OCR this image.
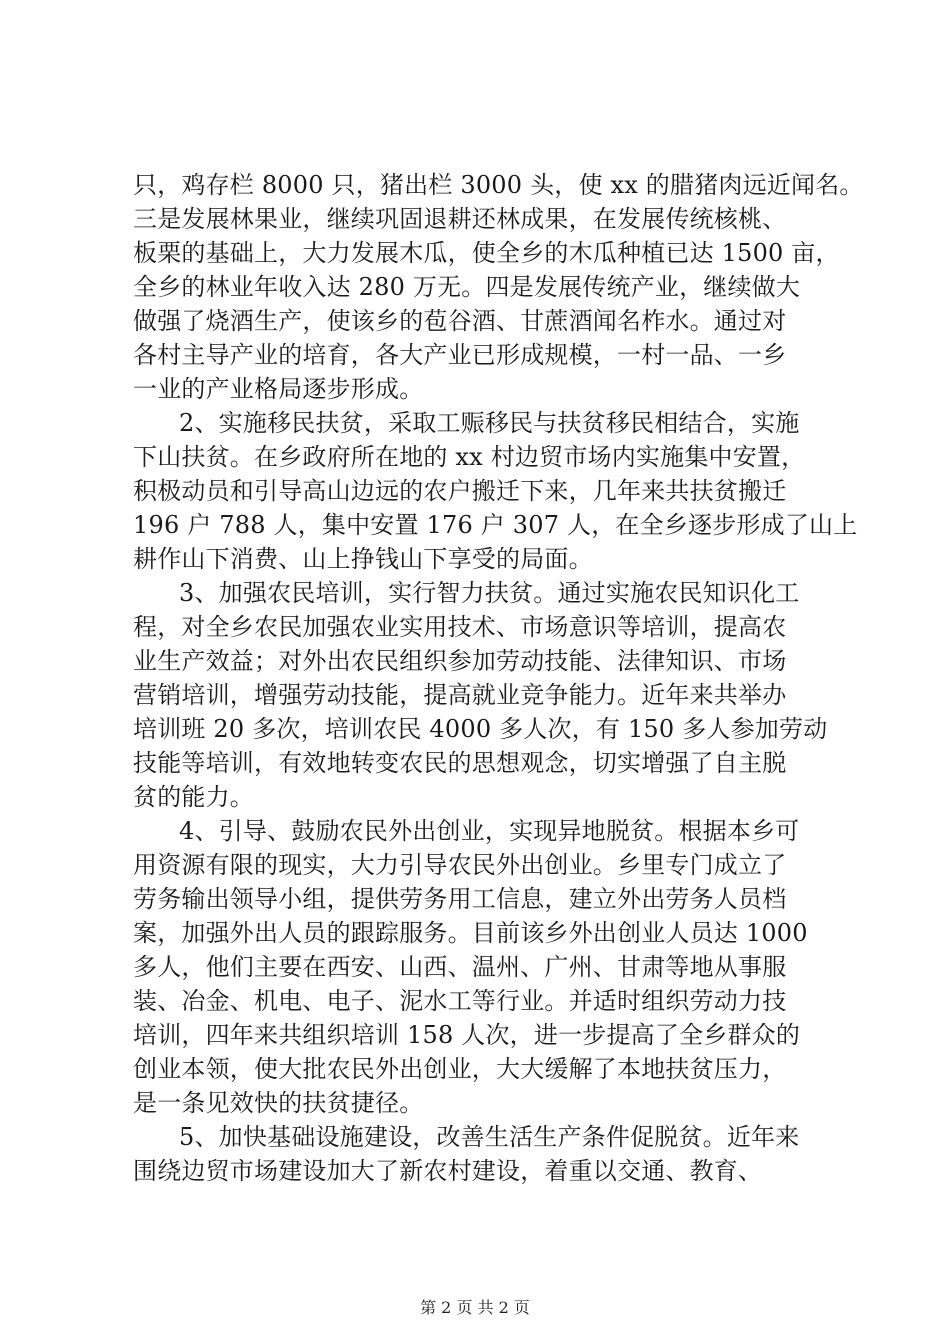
只，鸡存栏 8000 只，猪出栏 3000 头，使 xx 的腊猪肉远近闻名。
三是发展林果业，继续巩固退耕还林成果，在发展传统核桃、
板栗的基础上，大力发展木瓜，使全乡的木瓜种植已达 1500 亩，
全乡的林业年收入达 280 万无。四是发展传统产业，继续做大
做强了烧酒生产，使该乡的苞谷酒、甘蔗酒闻名柞水。通过对
各村主导产业的培育，各大产业已形成规模，一村一品、一乡
一业的产业格局逐步形成。
2、实施移民扶贫，采取工赈移民与扶贫移民相结合，实施
下山扶贫。在乡政府所在地的 xx 村边贸市场内实施集中安置，
积极动员和引导高山边远的农户搬迁下来，几年来共扶贫搬迁
196 户 788 人，集中安置 176 户 307 人，在全乡逐步形成了山上
耕作山下消费、山上挣钱山下享受的局面。
3、加强农民培训，实行智力扶贫。通过实施农民知识化工
程，对全乡农民加强农业实用技术、市场意识等培训，提高农
业生产效益；对外出农民组织参加劳动技能、法律知识、市场
营销培训，增强劳动技能，提高就业竞争能力。近年来共举办
培训班 20 多次，培训农民 4000 多人次，有 150 多人参加劳动
技能等培训，有效地转变农民的思想观念，切实增强了自主脱
贫的能力。
4、引导、鼓励农民外出创业，实现异地脱贫。根据本乡可
用资源有限的现实，大力引导农民外出创业。乡里专门成立了
劳务输出领导小组，提供劳务用工信息，建立外出劳务人员档
案，加强外出人员的跟踪服务。目前该乡外出创业人员达 1000
多人，他们主要在西安、山西、温州、广州、甘肃等地从事服
装、冶金、机电、电子、泥水工等行业。并适时组织劳动力技
培训，四年来共组织培训 158 人次，进一步提高了全乡群众的
创业本领，使大批农民外出创业，大大缓解了本地扶贫压力，
是一条见效快的扶贫捷径。
5、加快基础设施建设，改善生活生产条件促脱贫。近年来
围绕边贸市场建设加大了新农村建设，着重以交通、教育、
第 2 页 共 2 页
